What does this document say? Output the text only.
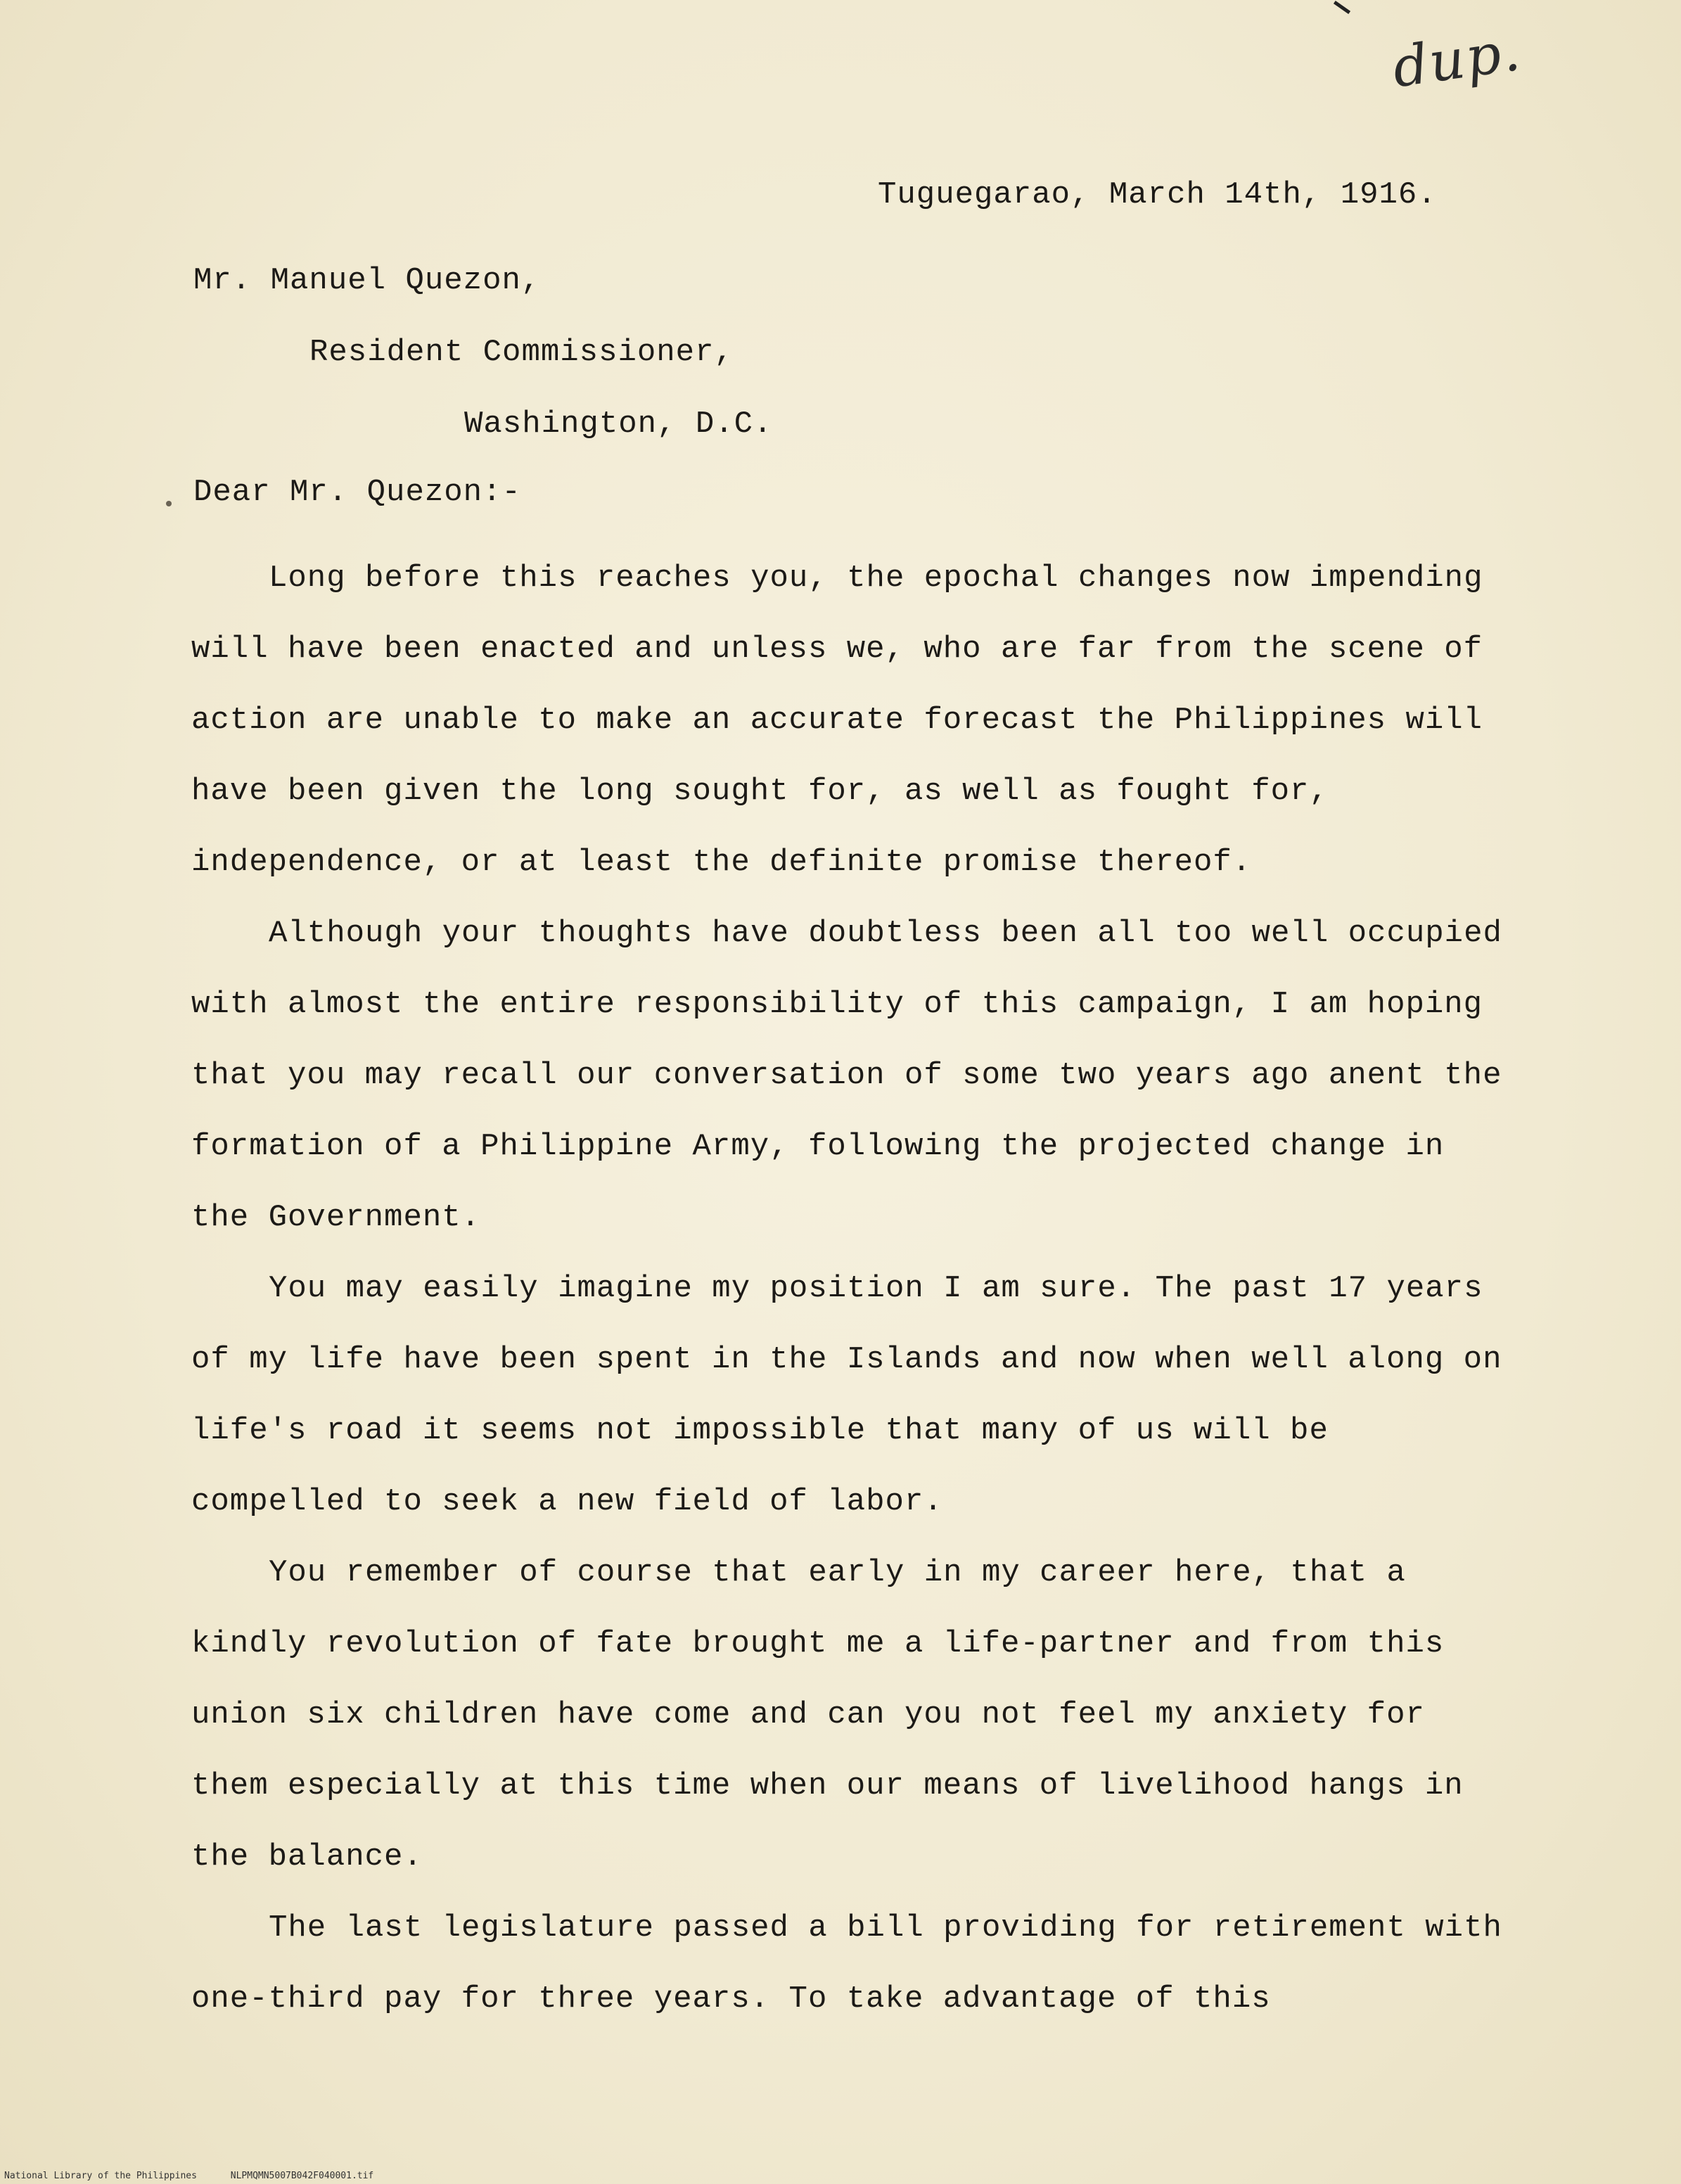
dup.
Tuguegarao, March 14th, 1916.
Mr. Manuel Quezon,
Resident Commissioner,
Washington, D.C.
Dear Mr. Quezon:-

Long before this reaches you, the epochal changes now impending will have been enacted and unless we, who are far from the scene of action are unable to make an accurate forecast the Philippines will have been given the long sought for, as well as fought for, independence, or at least the definite promise thereof.

Although your thoughts have doubtless been all too well occupied with almost the entire responsibility of this campaign, I am hoping that you may recall our conversation of some two years ago anent the formation of a Philippine Army, following the projected change in the Government.

You may easily imagine my position I am sure. The past 17 years of my life have been spent in the Islands and now when well along on life's road it seems not impossible that many of us will be compelled to seek a new field of labor.

You remember of course that early in my career here, that a kindly revolution of fate brought me a life-partner and from this union six children have come and can you not feel my anxiety for them especially at this time when our means of livelihood hangs in the balance.

The last legislature passed a bill providing for retirement with one-third pay for three years. To take advantage of this

National Library of the Philippines	NLPMQMN5007B042F040001.tif
